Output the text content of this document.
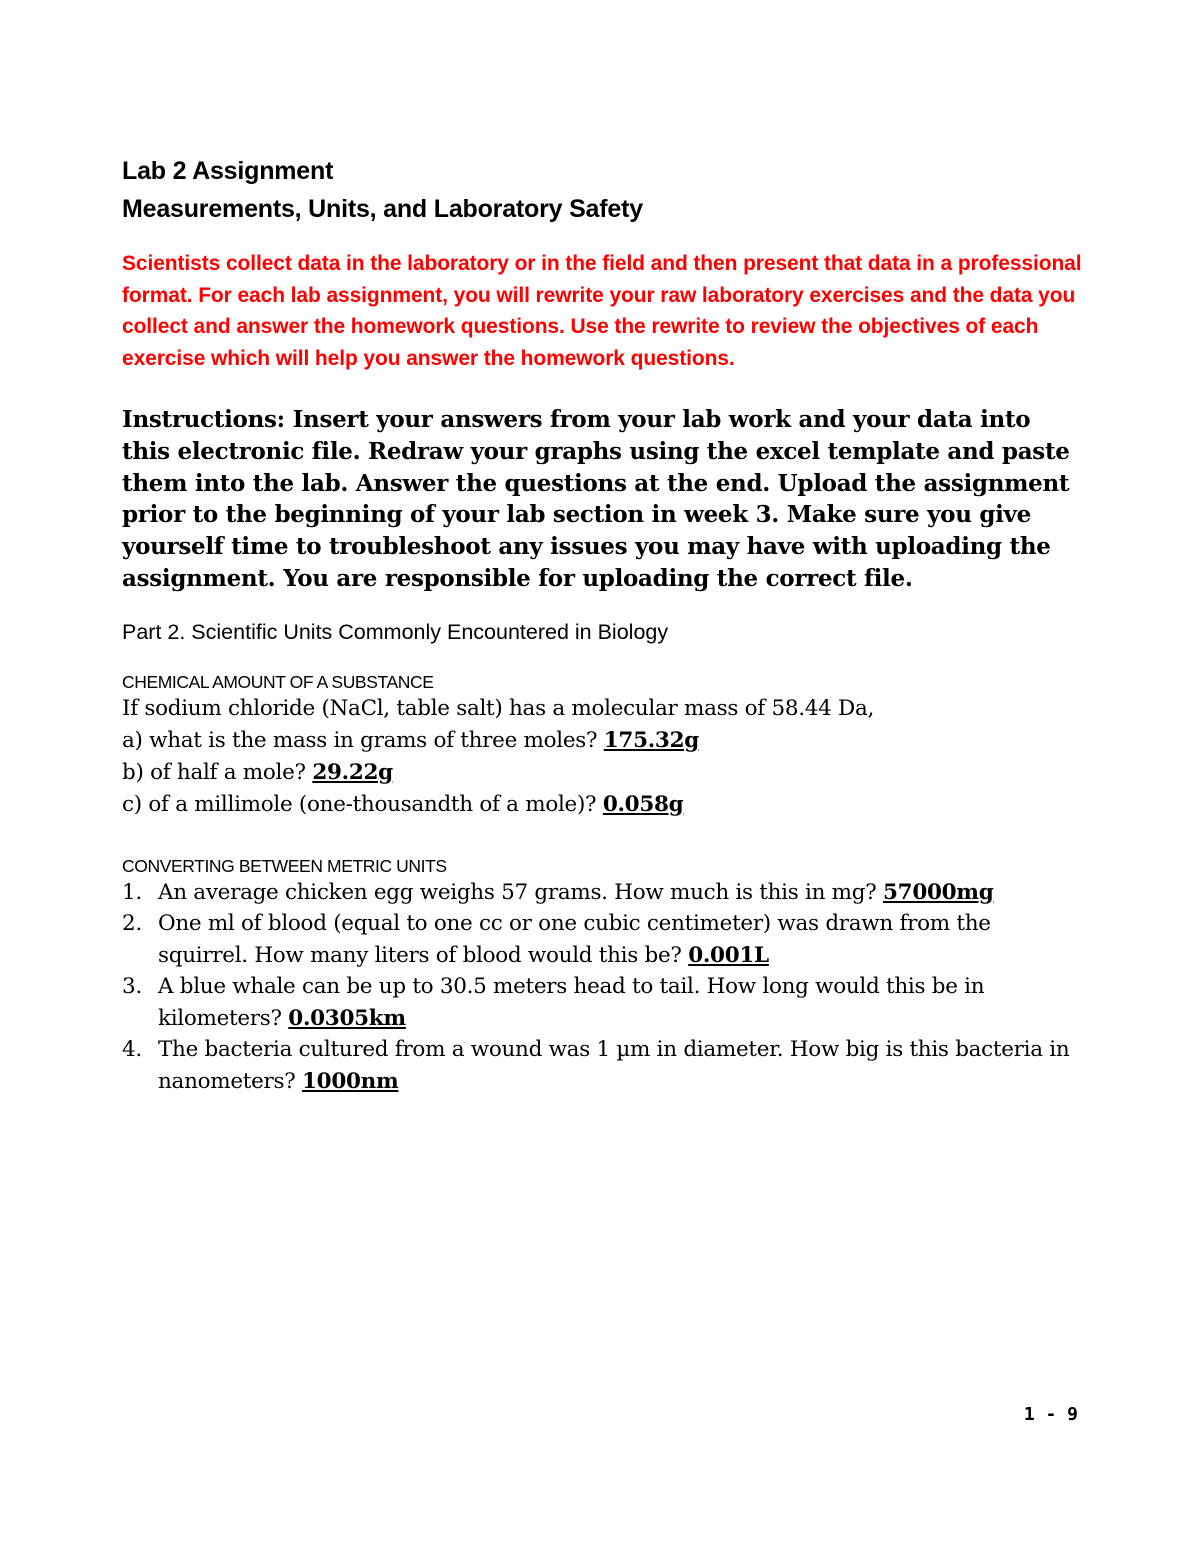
Lab 2 Assignment

Measurements, Units, and Laboratory Safety

Scientists collect data in the laboratory or in the field and then present that data in a professional format. For each lab assignment, you will rewrite your raw laboratory exercises and the data you collect and answer the homework questions. Use the rewrite to review the objectives of each exercise which will help you answer the homework questions.

Instructions: Insert your answers from your lab work and your data into this electronic file. Redraw your graphs using the excel template and paste them into the lab. Answer the questions at the end. Upload the assignment prior to the beginning of your lab section in week 3. Make sure you give yourself time to troubleshoot any issues you may have with uploading the assignment. You are responsible for uploading the correct file.

Part 2. Scientific Units Commonly Encountered in Biology

CHEMICAL AMOUNT OF A SUBSTANCE

If sodium chloride (NaCl, table salt) has a molecular mass of 58.44 Da,

a) what is the mass in grams of three moles? 175.32g

b) of half a mole? 29.22g

c) of a millimole (one-thousandth of a mole)? 0.058g

CONVERTING BETWEEN METRIC UNITS

1. An average chicken egg weighs 57 grams. How much is this in mg? 57000mg
2. One ml of blood (equal to one cc or one cubic centimeter) was drawn from the squirrel. How many liters of blood would this be? 0.001L
3. A blue whale can be up to 30.5 meters head to tail. How long would this be in kilometers? 0.0305km
4. The bacteria cultured from a wound was 1 µm in diameter. How big is this bacteria in nanometers? 1000nm
1 - 9
